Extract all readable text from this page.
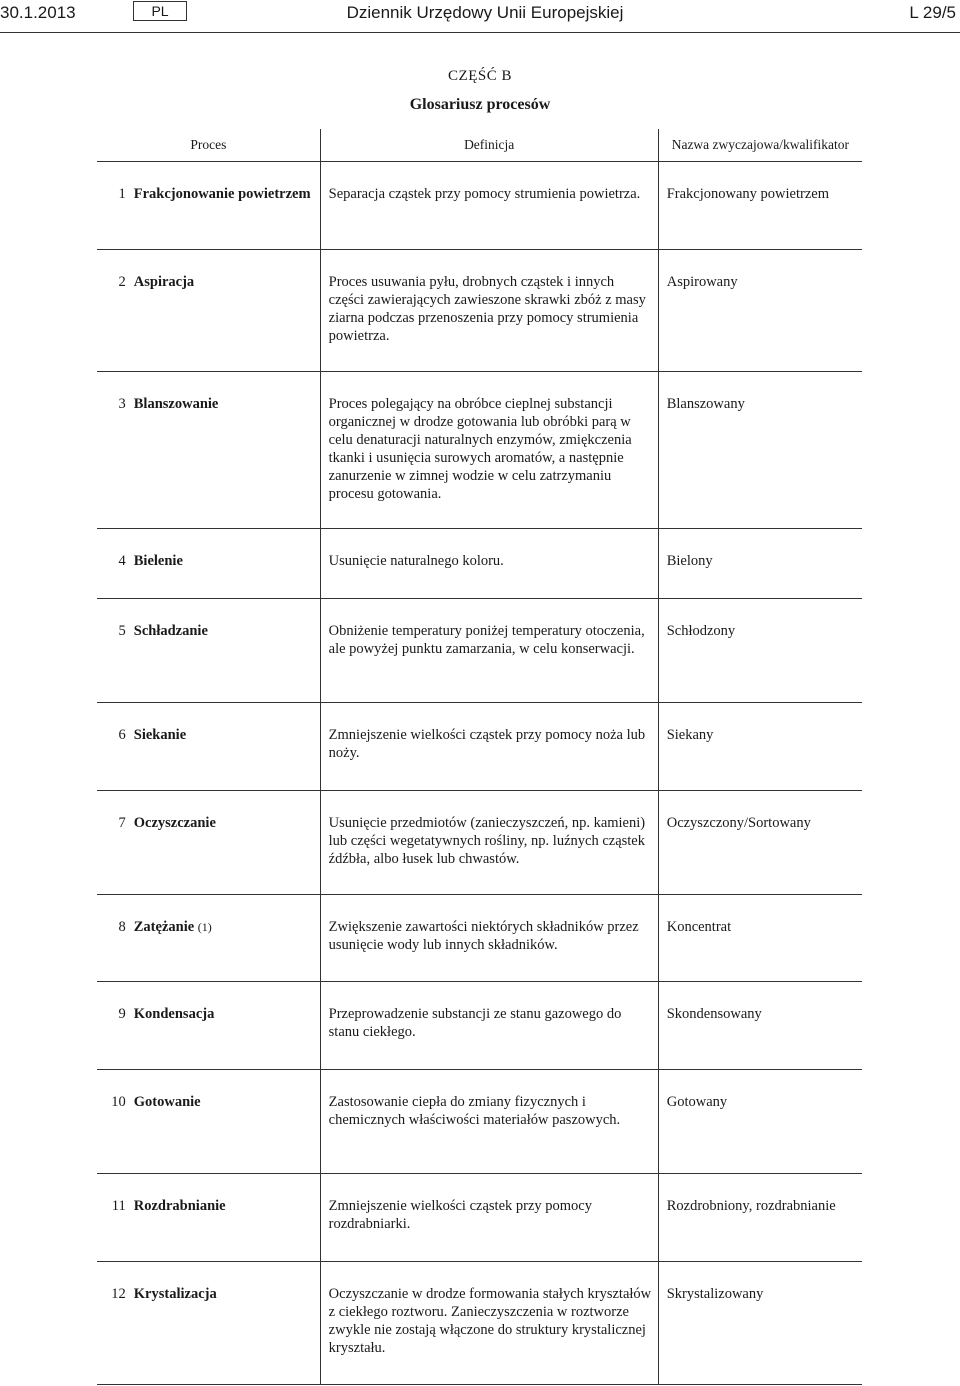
30.1.2013	PL	Dziennik Urzędowy Unii Europejskiej	L 29/5
CZĘŚĆ B
Glosariusz procesów
Proces		Definicja	Nazwa zwyczajowa/kwalifikator
1	Frakcjonowanie powietrzem	Separacja cząstek przy pomocy strumienia powietrza.	Frakcjonowany powietrzem
2	Aspiracja	Proces usuwania pyłu, drobnych cząstek i innych części zawierających zawieszone skrawki zbóż z masy ziarna podczas przenoszenia przy pomocy strumienia powietrza.	Aspirowany
3	Blanszowanie	Proces polegający na obróbce cieplnej substancji organicznej w drodze gotowania lub obróbki parą w celu denaturacji naturalnych enzymów, zmiękczenia tkanki i usunięcia surowych aromatów, a następnie zanurzenie w zimnej wodzie w celu zatrzymaniu procesu gotowania.	Blanszowany
4	Bielenie	Usunięcie naturalnego koloru.	Bielony
5	Schładzanie	Obniżenie temperatury poniżej temperatury otoczenia, ale powyżej punktu zamarzania, w celu konserwacji.	Schłodzony
6	Siekanie	Zmniejszenie wielkości cząstek przy pomocy noża lub noży.	Siekany
7	Oczyszczanie	Usunięcie przedmiotów (zanieczyszczeń, np. kamieni) lub części wegetatywnych rośliny, np. luźnych cząstek źdźbła, albo łusek lub chwastów.	Oczyszczony/Sortowany
8	Zatężanie (1)	Zwiększenie zawartości niektórych składników przez usunięcie wody lub innych składników.	Koncentrat
9	Kondensacja	Przeprowadzenie substancji ze stanu gazowego do stanu ciekłego.	Skondensowany
10	Gotowanie	Zastosowanie ciepła do zmiany fizycznych i chemicznych właściwości materiałów paszowych.	Gotowany
11	Rozdrabnianie	Zmniejszenie wielkości cząstek przy pomocy rozdrabniarki.	Rozdrobniony, rozdrabnianie
12	Krystalizacja	Oczyszczanie w drodze formowania stałych kryształów z ciekłego roztworu. Zanieczyszczenia w roztworze zwykle nie zostają włączone do struktury krystalicznej kryształu.	Skrystalizowany
